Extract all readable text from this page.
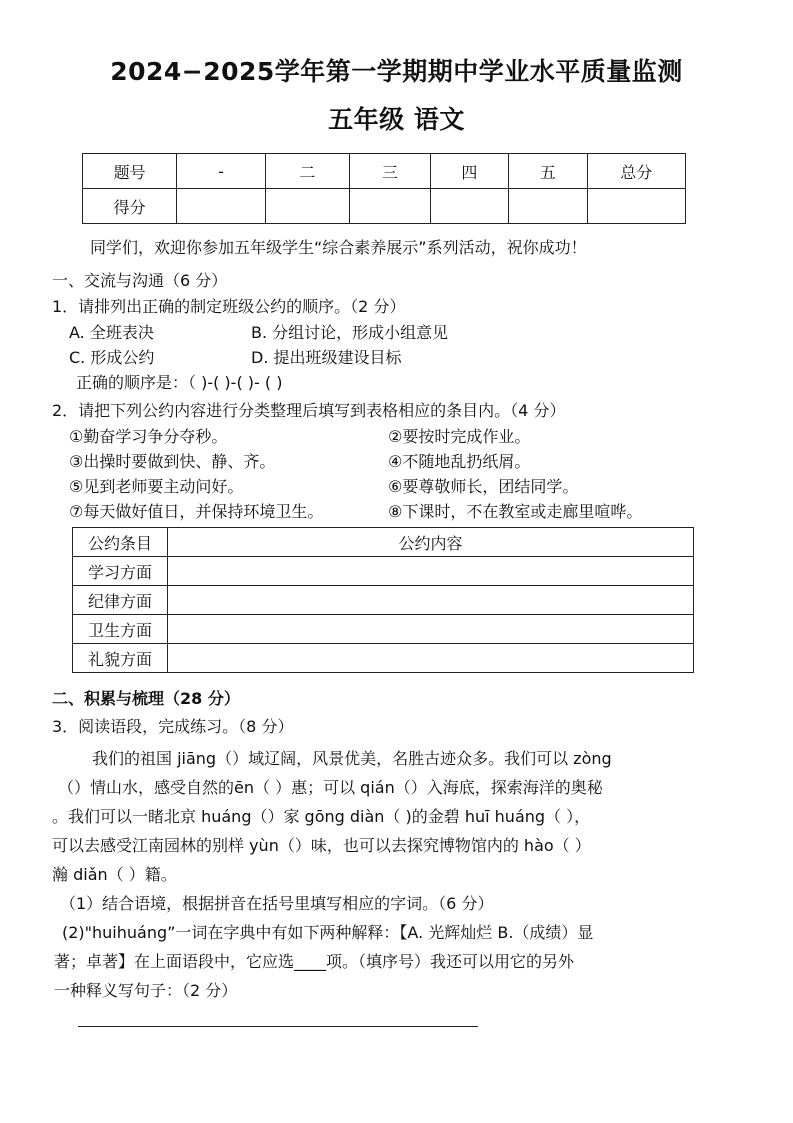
2024−2025学年第一学期期中学业水平质量监测
五年级 语文
题号	-	二	三	四	五	总分
得分						
同学们，欢迎你参加五年级学生“综合素养展示”系列活动，祝你成功！
一、交流与沟通（6 分）
1．请排列出正确的制定班级公约的顺序。（2 分）
A. 全班表决	B. 分组讨论，形成小组意见
C. 形成公约	D. 提出班级建设目标
正确的顺序是：（ )-( )-( )- ( )
2．请把下列公约内容进行分类整理后填写到表格相应的条目内。（4 分）
①勤奋学习争分夺秒。	②要按时完成作业。
③出操时要做到快、静、齐。	④不随地乱扔纸屑。
⑤见到老师要主动问好。	⑥要尊敬师长，团结同学。
⑦每天做好值日，并保持环境卫生。	⑧下课时，不在教室或走廊里喧哗。
公约条目	公约内容
学习方面	
纪律方面	
卫生方面	
礼貌方面	
二、积累与梳理（28 分）
3．阅读语段，完成练习。（8 分）
我们的祖国 jiāng（）域辽阔，风景优美，名胜古迹众多。我们可以 zòng
（）情山水，感受自然的ēn（ ）惠；可以 qián（）入海底，探索海洋的奥秘
。我们可以一睹北京 huáng（）家 gōng diàn（ )的金碧 huī huáng（ ），
可以去感受江南园林的别样 yùn（）味，也可以去探究博物馆内的 hào（ ）
瀚 diǎn（ ）籍。
（1）结合语境，根据拼音在括号里填写相应的字词。（6 分）
(2)"huihuáng”一词在字典中有如下两种解释：【A. 光辉灿烂 B.（成绩）显
著；卓著】在上面语段中，它应选____项。（填序号）我还可以用它的另外
一种释义写句子：（2 分）
